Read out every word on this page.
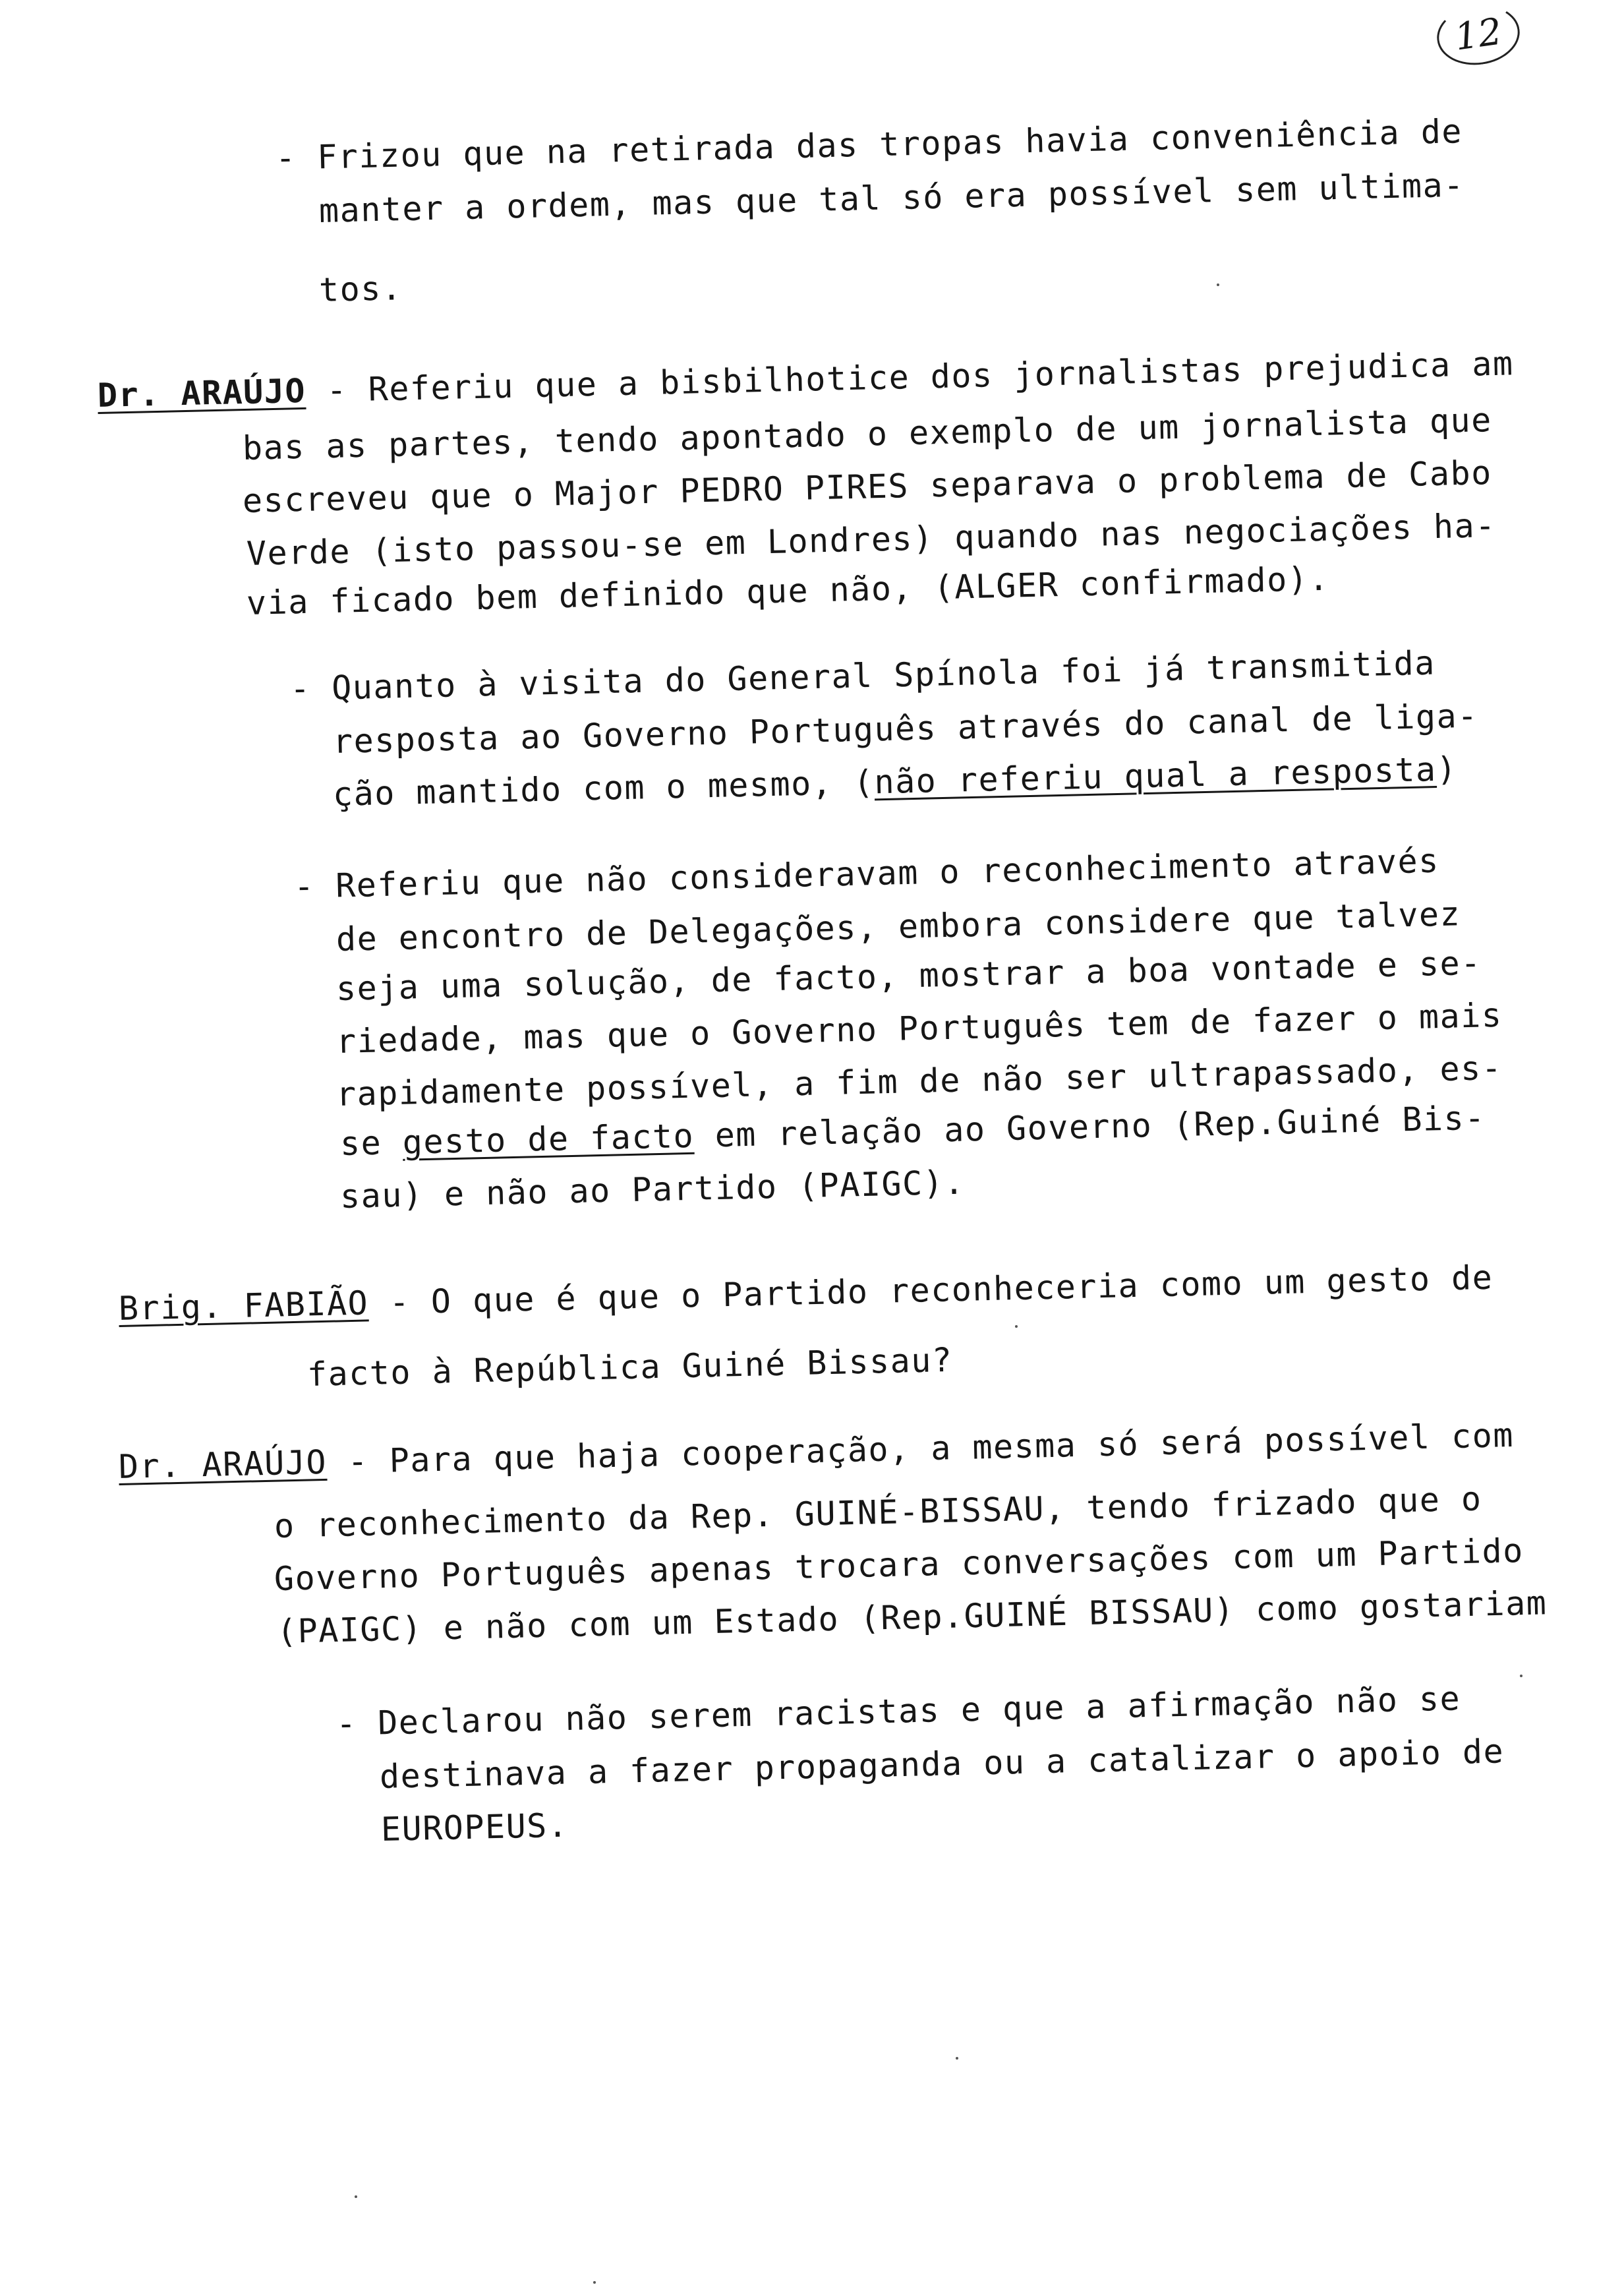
12
- Frizou que na retirada das tropas havia conveniência de
manter a ordem, mas que tal só era possível sem ultima-
tos.
Dr. ARAÚJO - Referiu que a bisbilhotice dos jornalistas prejudica am
bas as partes, tendo apontado o exemplo de um jornalista que
escreveu que o Major PEDRO PIRES separava o problema de Cabo
Verde (isto passou-se em Londres) quando nas negociações ha-
via ficado bem definido que não, (ALGER confirmado).
- Quanto à visita do General Spínola foi já transmitida
resposta ao Governo Português através do canal de liga-
ção mantido com o mesmo, (não referiu qual a resposta)
- Referiu que não consideravam o reconhecimento através
de encontro de Delegações, embora considere que talvez
seja uma solução, de facto, mostrar a boa vontade e se-
riedade, mas que o Governo Português tem de fazer o mais
rapidamente possível, a fim de não ser ultrapassado, es-
se gesto de facto em relação ao Governo (Rep.Guiné Bis-
sau) e não ao Partido (PAIGC).
Brig. FABIÃO - O que é que o Partido reconheceria como um gesto de
facto à República Guiné Bissau?
Dr. ARAÚJO - Para que haja cooperação, a mesma só será possível com
o reconhecimento da Rep. GUINÉ-BISSAU, tendo frizado que o
Governo Português apenas trocara conversações com um Partido
(PAIGC) e não com um Estado (Rep.GUINÉ BISSAU) como gostariam
- Declarou não serem racistas e que a afirmação não se
destinava a fazer propaganda ou a catalizar o apoio de
EUROPEUS.
